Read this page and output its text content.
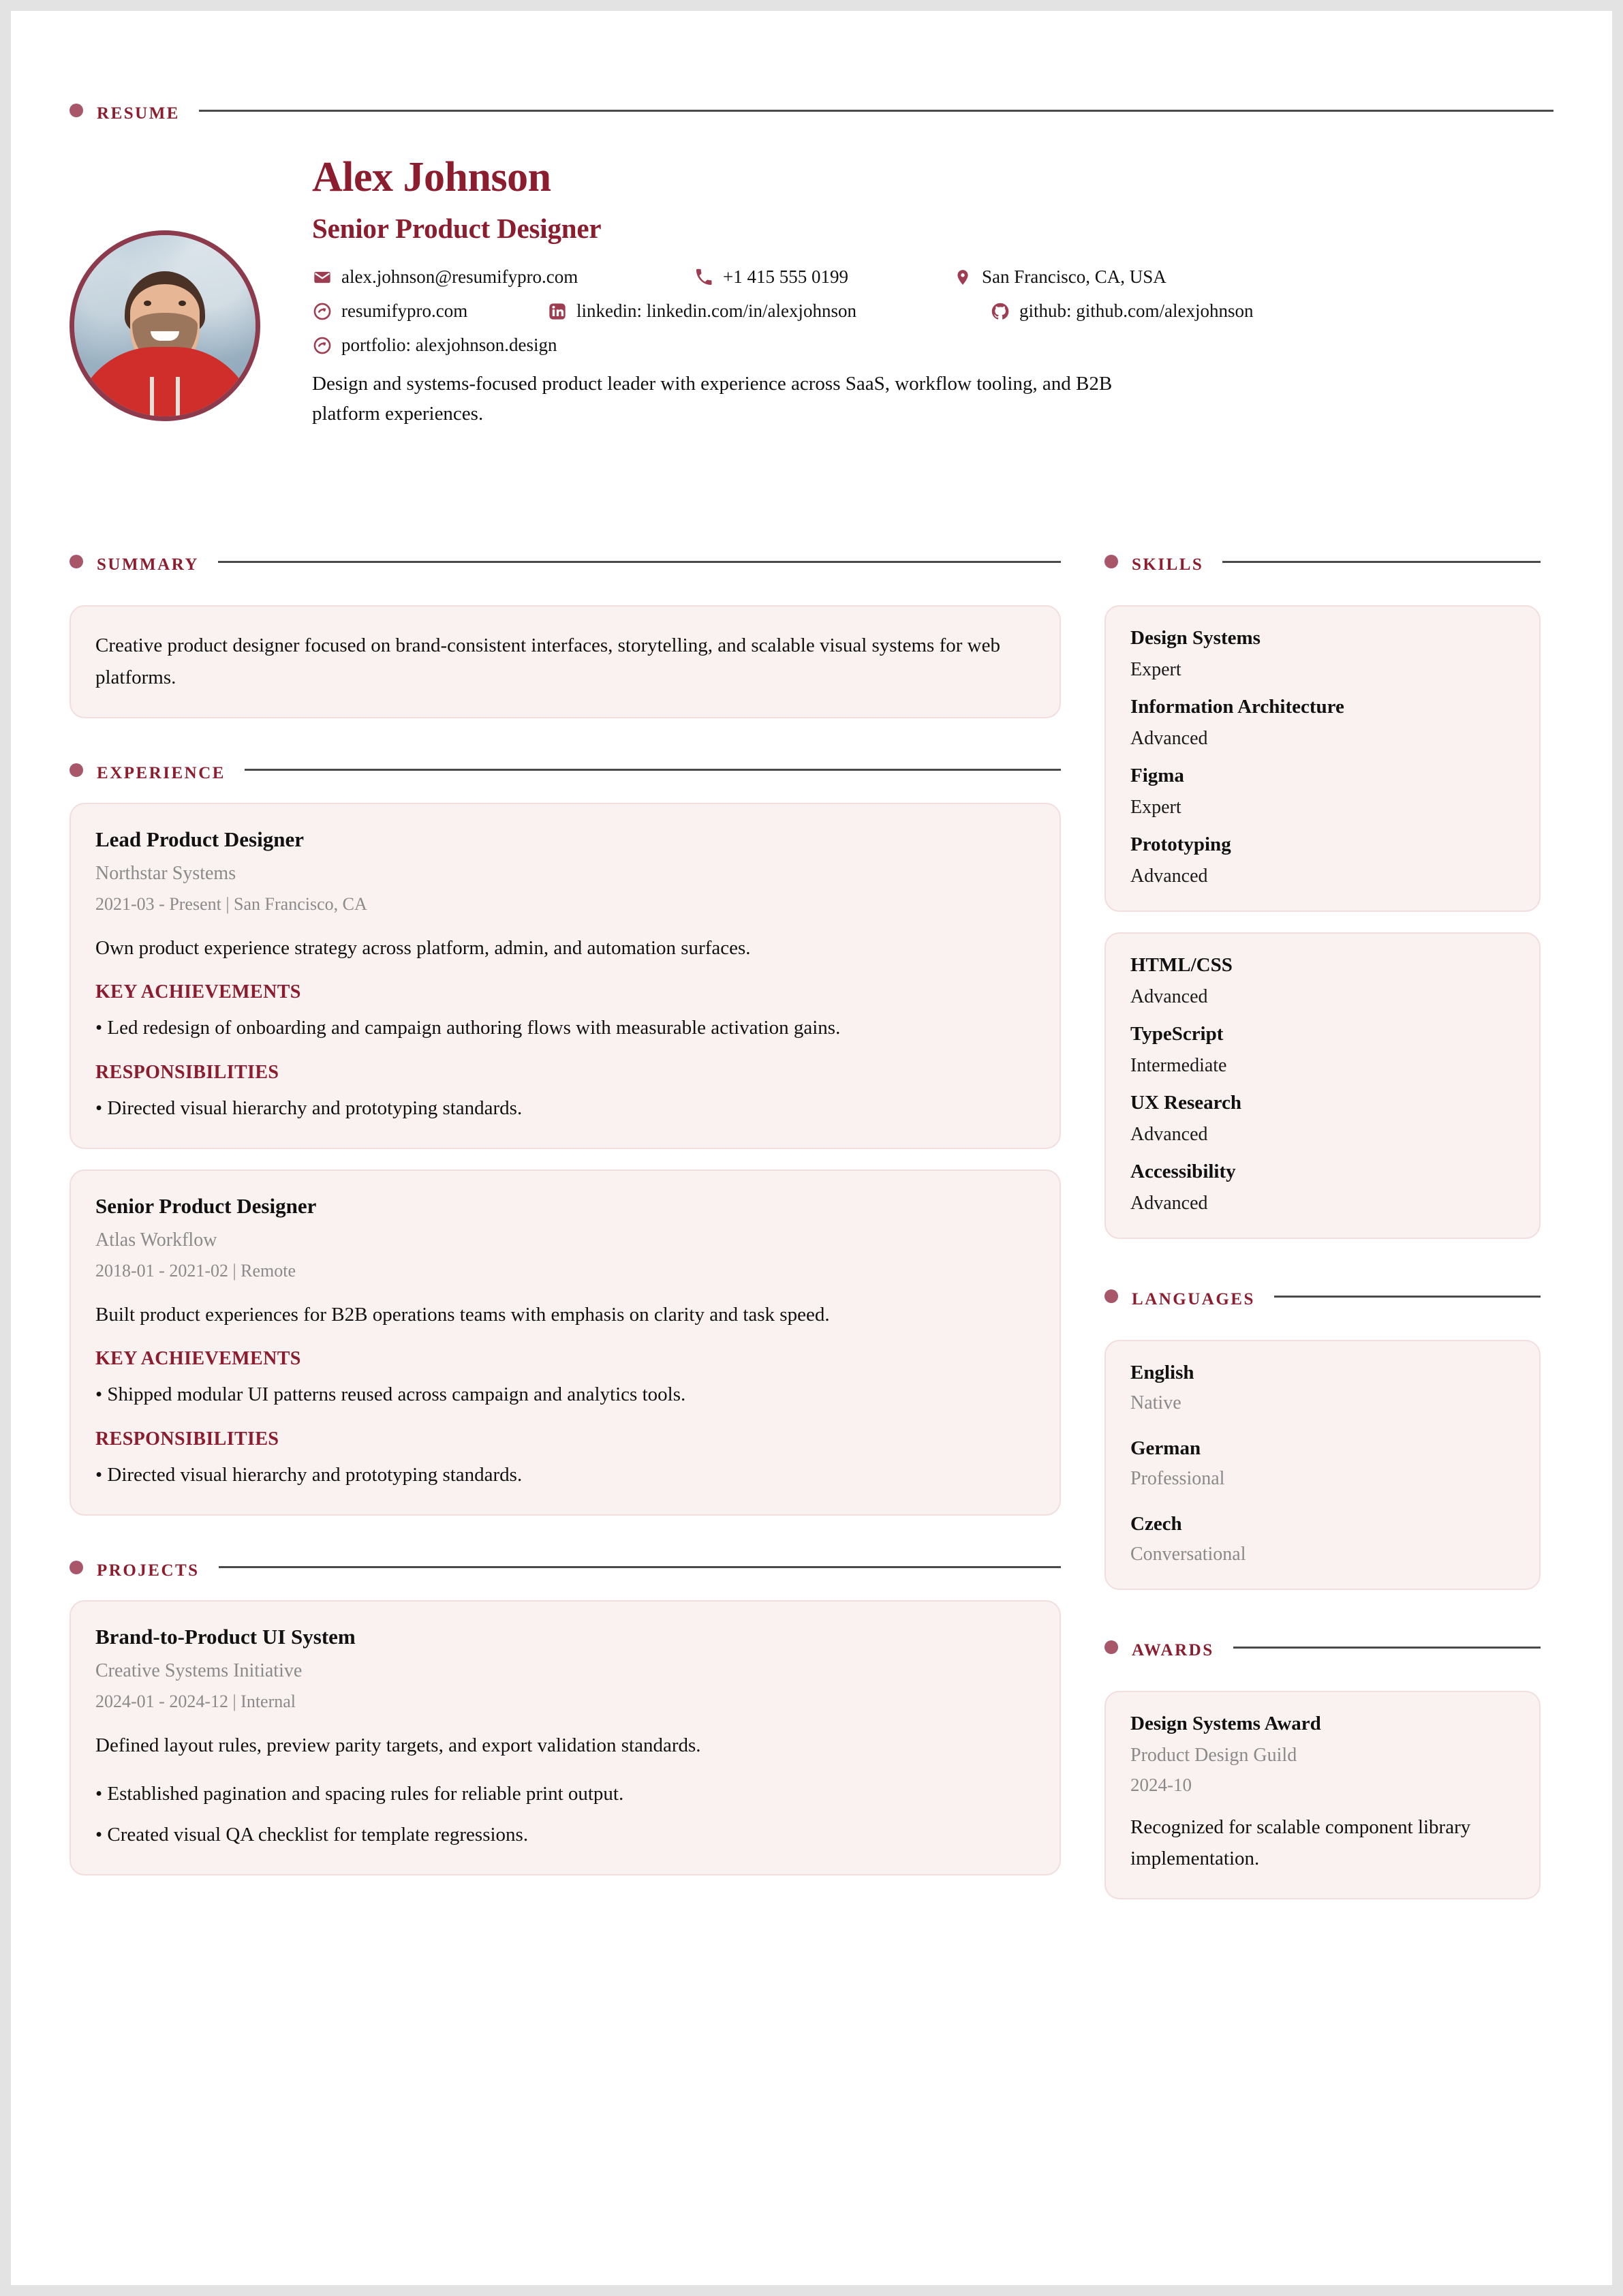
resume
Alex Johnson
Senior Product Designer
alex.johnson@resumifypro.com	+1 415 555 0199	San Francisco, CA, USA
resumifypro.com	linkedin: linkedin.com/in/alexjohnson	github: github.com/alexjohnson
portfolio: alexjohnson.design
Design and systems-focused product leader with experience across SaaS, workflow tooling, and B2B platform experiences.
summary
Creative product designer focused on brand-consistent interfaces, storytelling, and scalable visual systems for web platforms.
experience
Lead Product Designer
Northstar Systems
2021-03 - Present | San Francisco, CA
Own product experience strategy across platform, admin, and automation surfaces.
KEY ACHIEVEMENTS
• Led redesign of onboarding and campaign authoring flows with measurable activation gains.
RESPONSIBILITIES
• Directed visual hierarchy and prototyping standards.
Senior Product Designer
Atlas Workflow
2018-01 - 2021-02 | Remote
Built product experiences for B2B operations teams with emphasis on clarity and task speed.
KEY ACHIEVEMENTS
• Shipped modular UI patterns reused across campaign and analytics tools.
RESPONSIBILITIES
• Directed visual hierarchy and prototyping standards.
projects
Brand-to-Product UI System
Creative Systems Initiative
2024-01 - 2024-12 | Internal
Defined layout rules, preview parity targets, and export validation standards.
• Established pagination and spacing rules for reliable print output.
• Created visual QA checklist for template regressions.
skills
Design Systems
Expert
Information Architecture
Advanced
Figma
Expert
Prototyping
Advanced
HTML/CSS
Advanced
TypeScript
Intermediate
UX Research
Advanced
Accessibility
Advanced
languages
English
Native
German
Professional
Czech
Conversational
awards
Design Systems Award
Product Design Guild
2024-10
Recognized for scalable component library implementation.
